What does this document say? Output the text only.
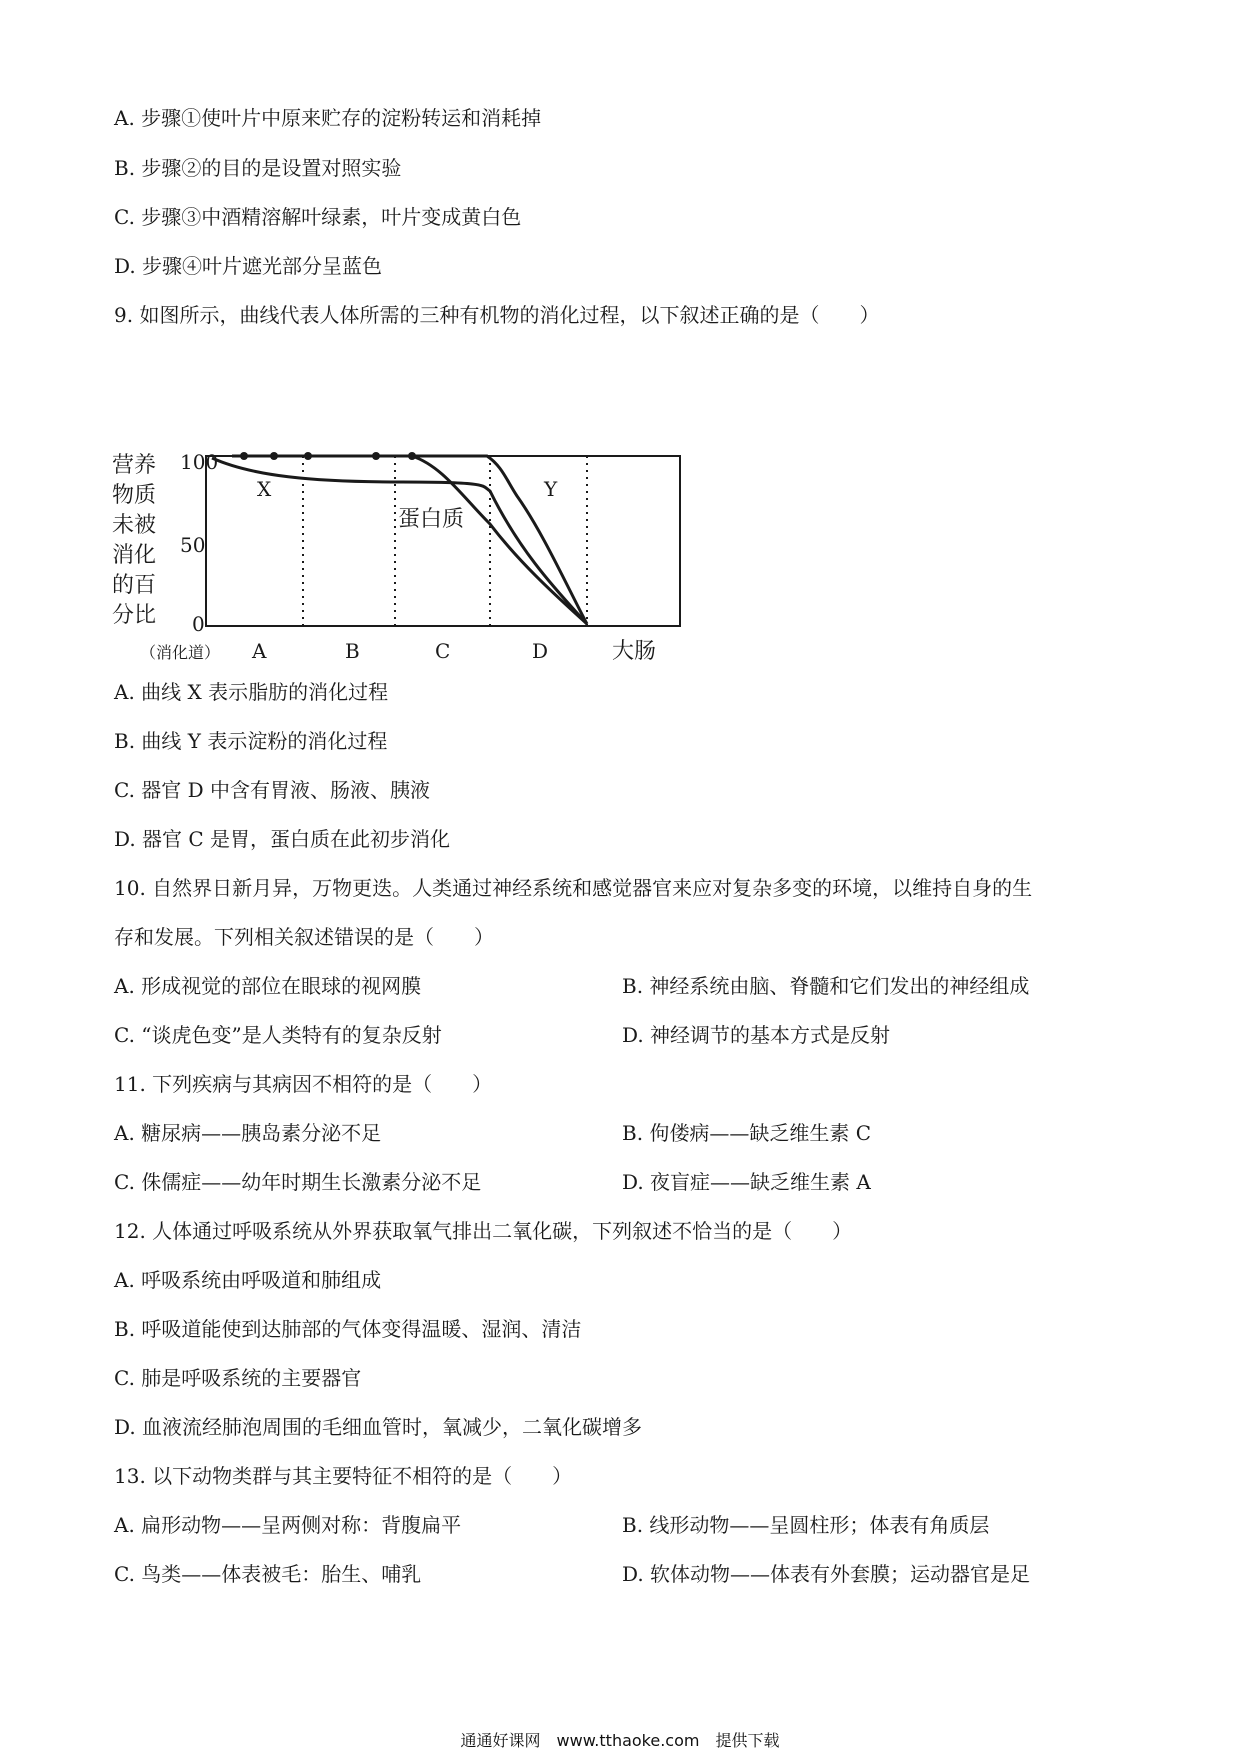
A. 步骤①使叶片中原来贮存的淀粉转运和消耗掉
B. 步骤②的目的是设置对照实验
C. 步骤③中酒精溶解叶绿素，叶片变成黄白色
D. 步骤④叶片遮光部分呈蓝色
9. 如图所示，曲线代表人体所需的三种有机物的消化过程，以下叙述正确的是（　　）
营养
物质
未被
消化
的百
分比
100
50
0
X	Y
蛋白质
（消化道） A	B	C	D	大肠
A. 曲线 X 表示脂肪的消化过程
B. 曲线 Y 表示淀粉的消化过程
C. 器官 D 中含有胃液、肠液、胰液
D. 器官 C 是胃，蛋白质在此初步消化
10. 自然界日新月异，万物更迭。人类通过神经系统和感觉器官来应对复杂多变的环境，以维持自身的生
存和发展。下列相关叙述错误的是（　　）
A. 形成视觉的部位在眼球的视网膜	B. 神经系统由脑、脊髓和它们发出的神经组成
C. “谈虎色变”是人类特有的复杂反射	D. 神经调节的基本方式是反射
11. 下列疾病与其病因不相符的是（　　）
A. 糖尿病——胰岛素分泌不足	B. 佝偻病——缺乏维生素 C
C. 侏儒症——幼年时期生长激素分泌不足	D. 夜盲症——缺乏维生素 A
12. 人体通过呼吸系统从外界获取氧气排出二氧化碳，下列叙述不恰当的是（　　）
A. 呼吸系统由呼吸道和肺组成
B. 呼吸道能使到达肺部的气体变得温暖、湿润、清洁
C. 肺是呼吸系统的主要器官
D. 血液流经肺泡周围的毛细血管时，氧减少，二氧化碳增多
13. 以下动物类群与其主要特征不相符的是（　　）
A. 扁形动物——呈两侧对称：背腹扁平	B. 线形动物——呈圆柱形；体表有角质层
C. 鸟类——体表被毛：胎生、哺乳	D. 软体动物——体表有外套膜；运动器官是足
通通好课网　www.tthaoke.com　提供下载
